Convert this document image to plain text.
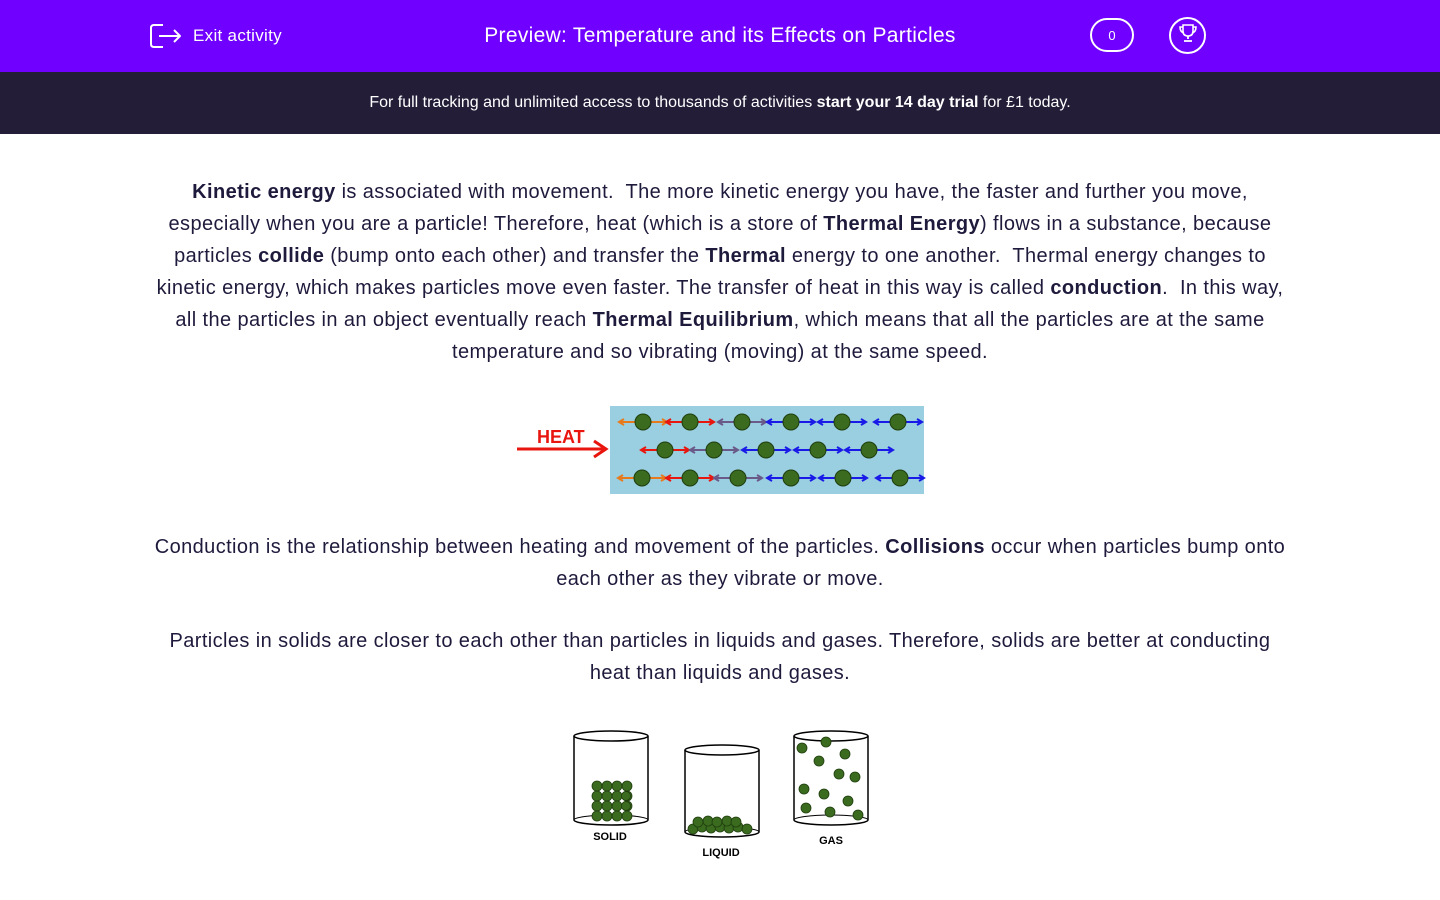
Exit activity	Preview: Temperature and its Effects on Particles	0
For full tracking and unlimited access to thousands of activities start your 14 day trial for £1 today.

Kinetic energy is associated with movement.  The more kinetic energy you have, the faster and further you move, especially when you are a particle! Therefore, heat (which is a store of Thermal Energy) flows in a substance, because particles collide (bump onto each other) and transfer the Thermal energy to one another.  Thermal energy changes to kinetic energy, which makes particles move even faster. The transfer of heat in this way is called conduction.  In this way, all the particles in an object eventually reach Thermal Equilibrium, which means that all the particles are at the same temperature and so vibrating (moving) at the same speed.

HEAT
Conduction is the relationship between heating and movement of the particles. Collisions occur when particles bump onto each other as they vibrate or move.
Particles in solids are closer to each other than particles in liquids and gases. Therefore, solids are better at conducting heat than liquids and gases.
SOLID
LIQUID
GAS
